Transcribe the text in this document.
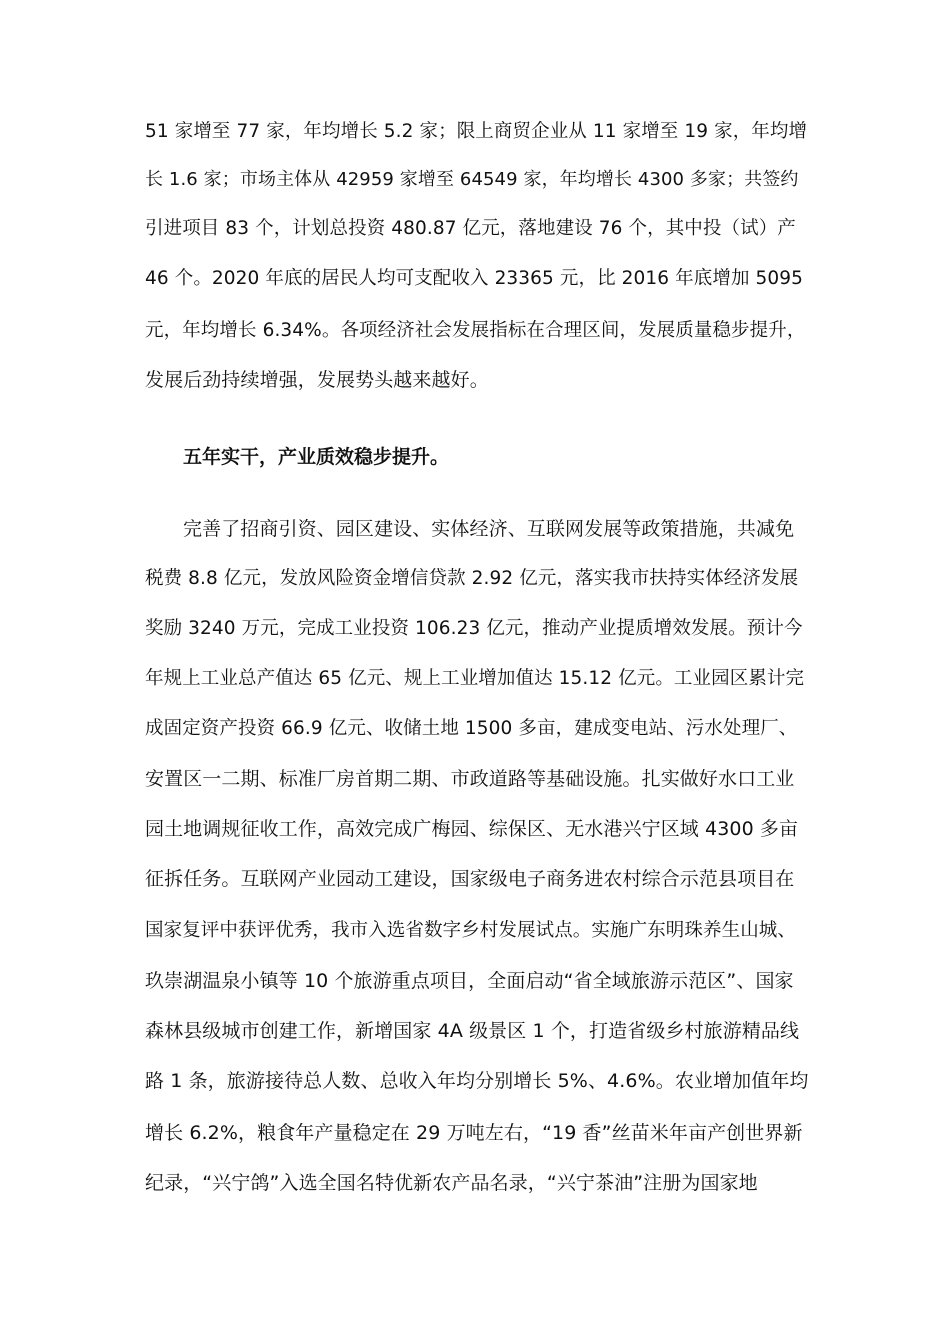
51 家增至 77 家，年均增长 5.2 家；限上商贸企业从 11 家增至 19 家，年均增
长 1.6 家；市场主体从 42959 家增至 64549 家，年均增长 4300 多家；共签约
引进项目 83 个，计划总投资 480.87 亿元，落地建设 76 个，其中投（试）产
46 个。2020 年底的居民人均可支配收入 23365 元，比 2016 年底增加 5095
元，年均增长 6.34%。各项经济社会发展指标在合理区间，发展质量稳步提升，
发展后劲持续增强，发展势头越来越好。
五年实干，产业质效稳步提升。
完善了招商引资、园区建设、实体经济、互联网发展等政策措施，共减免
税费 8.8 亿元，发放风险资金增信贷款 2.92 亿元，落实我市扶持实体经济发展
奖励 3240 万元，完成工业投资 106.23 亿元，推动产业提质增效发展。预计今
年规上工业总产值达 65 亿元、规上工业增加值达 15.12 亿元。工业园区累计完
成固定资产投资 66.9 亿元、收储土地 1500 多亩，建成变电站、污水处理厂、
安置区一二期、标准厂房首期二期、市政道路等基础设施。扎实做好水口工业
园土地调规征收工作，高效完成广梅园、综保区、无水港兴宁区域 4300 多亩
征拆任务。互联网产业园动工建设，国家级电子商务进农村综合示范县项目在
国家复评中获评优秀，我市入选省数字乡村发展试点。实施广东明珠养生山城、
玖崇湖温泉小镇等 10 个旅游重点项目，全面启动“省全域旅游示范区”、国家
森林县级城市创建工作，新增国家 4A 级景区 1 个，打造省级乡村旅游精品线
路 1 条，旅游接待总人数、总收入年均分别增长 5%、4.6%。农业增加值年均
增长 6.2%，粮食年产量稳定在 29 万吨左右，“19 香”丝苗米年亩产创世界新
纪录，“兴宁鸽”入选全国名特优新农产品名录，“兴宁茶油”注册为国家地
